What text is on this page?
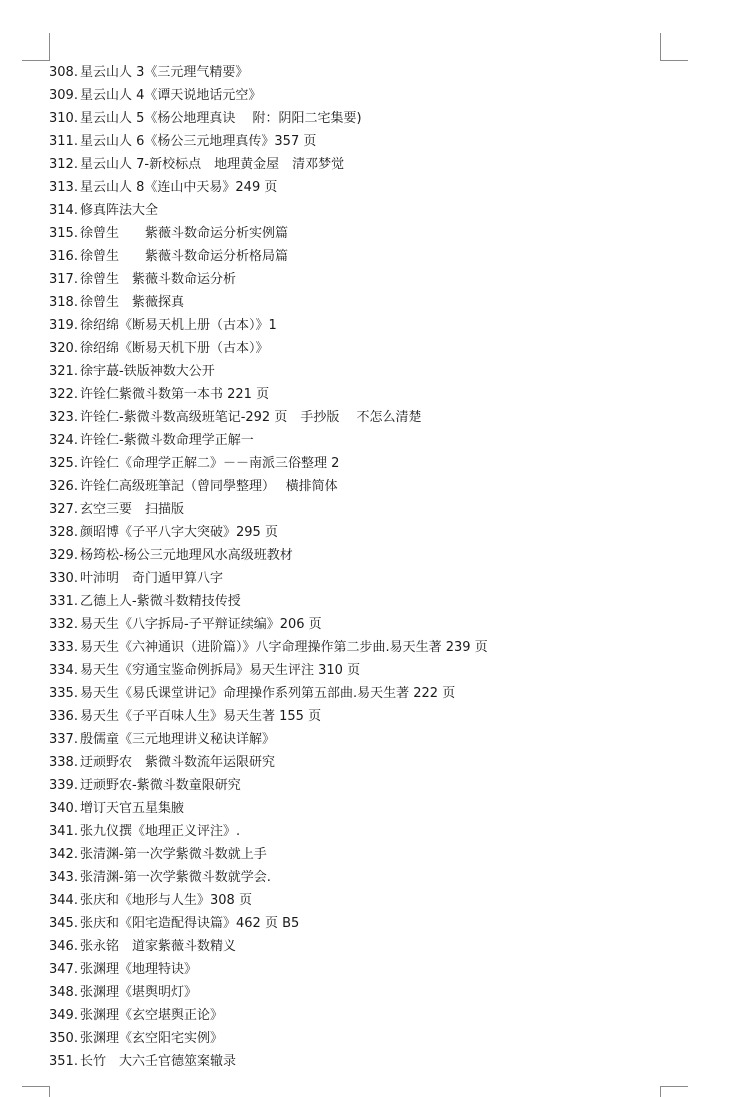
308. 星云山人 3《三元理气精要》
309. 星云山人 4《谭天说地话元空》
310. 星云山人 5《杨公地理真诀　 附：阴阳二宅集要)
311. 星云山人 6《杨公三元地理真传》357 页
312. 星云山人 7-新校标点　地理黄金屋　清邓梦觉
313. 星云山人 8《连山中天易》249 页
314. 修真阵法大全
315. 徐曾生　　紫薇斗数命运分析实例篇
316. 徐曾生　　紫薇斗数命运分析格局篇
317. 徐曾生　紫薇斗数命运分析
318. 徐曾生　紫薇探真
319. 徐绍绵《断易天机上册（古本）》1
320. 徐绍绵《断易天机下册（古本）》
321. 徐宇蕞-铁版神数大公开
322. 许铨仁紫微斗数第一本书 221 页
323. 许铨仁-紫微斗数高级班笔记-292 页　手抄版　 不怎么清楚
324. 许铨仁-紫微斗数命理学正解一
325. 许铨仁《命理学正解二》－－南派三俗整理 2
326. 许铨仁高级班筆記（曾同學整理）　 橫排简体
327. 玄空三要　扫描版
328. 颜昭博《子平八字大突破》295 页
329. 杨筠松-杨公三元地理风水高级班教材
330. 叶沛明　奇门遁甲算八字
331. 乙德上人-紫微斗数精技传授
332. 易天生《八字拆局-子平辩证续编》206 页
333. 易天生《六神通识（进阶篇）》八字命理操作第二步曲.易天生著 239 页
334. 易天生《穷通宝鉴命例拆局》易天生评注 310 页
335. 易天生《易氏课堂讲记》命理操作系列第五部曲.易天生著 222 页
336. 易天生《子平百味人生》易天生著 155 页
337. 殷儒童《三元地理讲义秘诀详解》
338. 迂顽野农　紫微斗数流年运限研究
339. 迂顽野农-紫微斗数童限研究
340. 增订天官五星集腋
341. 张九仪撰《地理正义评注》.
342. 张清渊-第一次学紫微斗数就上手
343. 张清渊-第一次学紫微斗数就学会.
344. 张庆和《地形与人生》308 页
345. 张庆和《阳宅造配得诀篇》462 页 B5
346. 张永铭　道家紫薇斗数精义
347. 张渊理《地理特诀》
348. 张渊理《堪舆明灯》
349. 张渊理《玄空堪舆正论》
350. 张渊理《玄空阳宅实例》
351. 长竹　大六壬官德筮案辙录
